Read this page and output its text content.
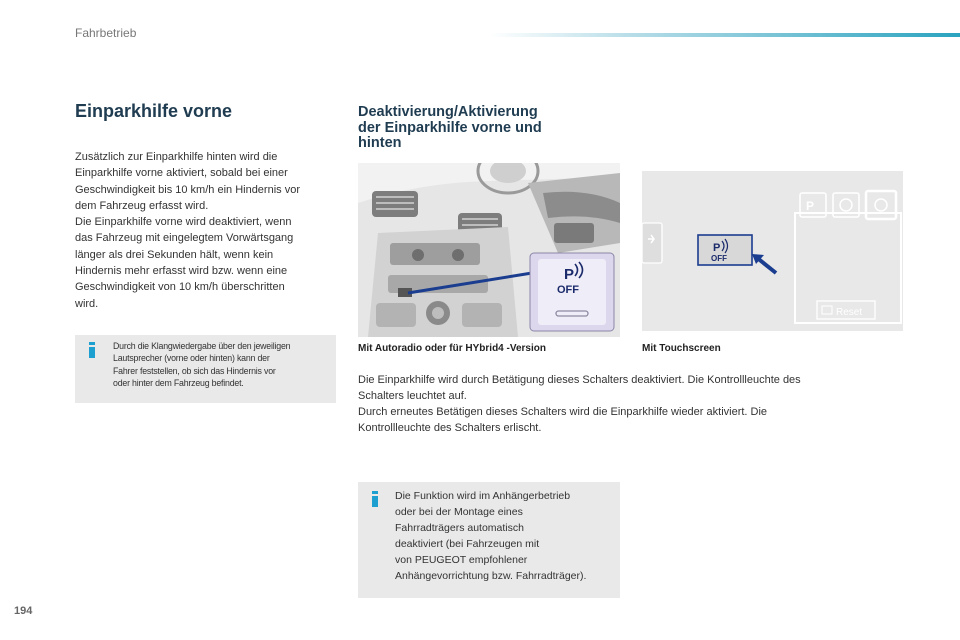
Fahrbetrieb
Einparkhilfe vorne
Zusätzlich zur Einparkhilfe hinten wird die
Einparkhilfe vorne aktiviert, sobald bei einer
Geschwindigkeit bis 10 km/h ein Hindernis vor
dem Fahrzeug erfasst wird.
Die Einparkhilfe vorne wird deaktiviert, wenn
das Fahrzeug mit eingelegtem Vorwärtsgang
länger als drei Sekunden hält, wenn kein
Hindernis mehr erfasst wird bzw. wenn eine
Geschwindigkeit von 10 km/h überschritten
wird.
Durch die Klangwiedergabe über den jeweiligen
Lautsprecher (vorne oder hinten) kann der
Fahrer feststellen, ob sich das Hindernis vor
oder hinter dem Fahrzeug befindet.
Deaktivierung/Aktivierung
der Einparkhilfe vorne und
hinten
P
OFF
P
Reset
P
OFF
Mit Autoradio oder für HYbrid4 -Version	Mit Touchscreen
Die Einparkhilfe wird durch Betätigung dieses Schalters deaktiviert. Die Kontrollleuchte des
Schalters leuchtet auf.
Durch erneutes Betätigen dieses Schalters wird die Einparkhilfe wieder aktiviert. Die
Kontrollleuchte des Schalters erlischt.
Die Funktion wird im Anhängerbetrieb
oder bei der Montage eines
Fahrradträgers automatisch
deaktiviert (bei Fahrzeugen mit
von PEUGEOT empfohlener
Anhängevorrichtung bzw. Fahrradträger).
194
